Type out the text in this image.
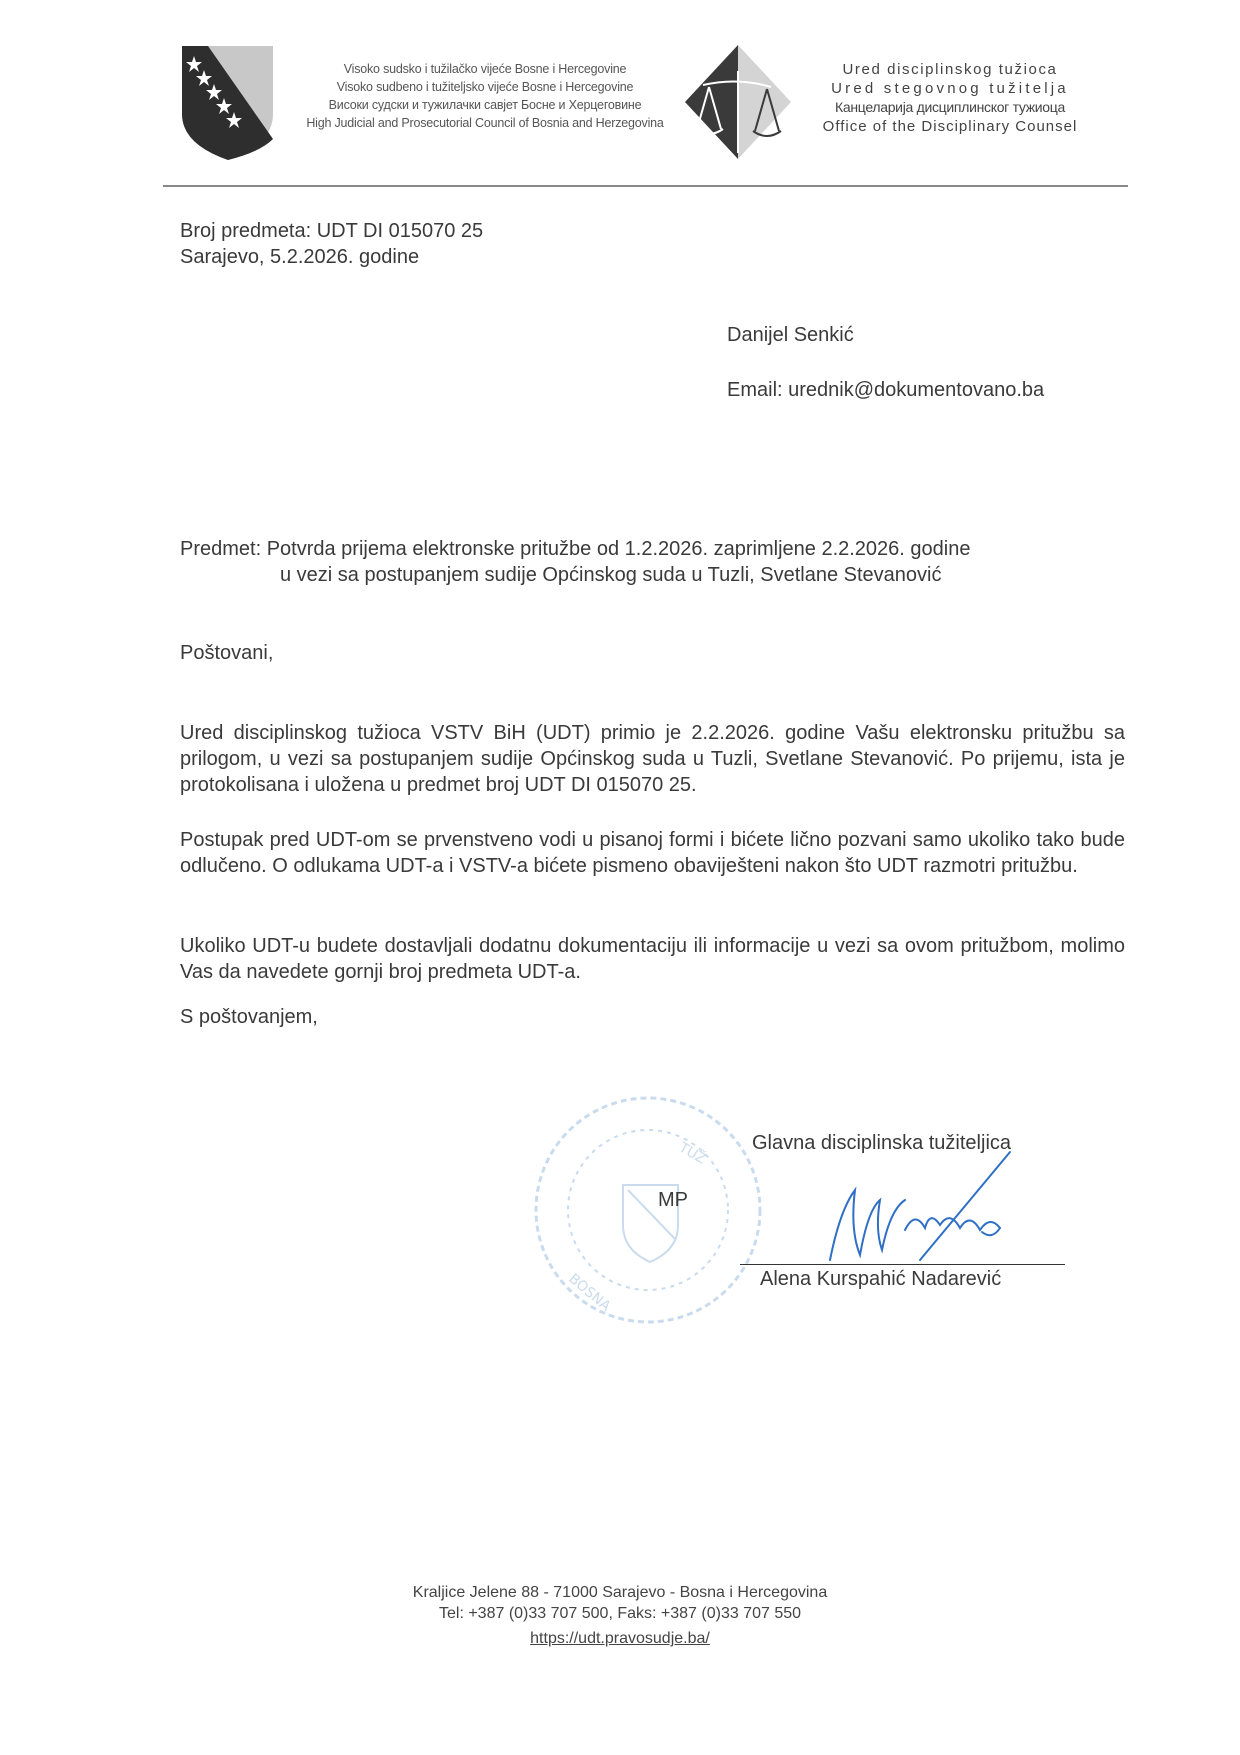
Visoko sudsko i tužilačko vijeće Bosne i Hercegovine
Visoko sudbeno i tužiteljsko vijeće Bosne i Hercegovine
Високи судски и тужилачки савјет Босне и Херцеговине
High Judicial and Prosecutorial Council of Bosnia and Herzegovina
Ured disciplinskog tužioca
Ured stegovnog tužitelja
Канцеларија дисциплинског тужиоца
Office of the Disciplinary Counsel
Broj predmeta: UDT DI 015070 25
Sarajevo, 5.2.2026. godine
Danijel Senkić
Email: urednik@dokumentovano.ba
Predmet: Potvrda prijema elektronske pritužbe od 1.2.2026. zaprimljene 2.2.2026. godine
u vezi sa postupanjem sudije Općinskog suda u Tuzli, Svetlane Stevanović
Poštovani,
Ured disciplinskog tužioca VSTV BiH (UDT) primio je 2.2.2026. godine Vašu elektronsku pritužbu sa prilogom, u vezi sa postupanjem sudije Općinskog suda u Tuzli, Svetlane Stevanović. Po prijemu, ista je protokolisana i uložena u predmet broj UDT DI 015070 25.
Postupak pred UDT-om se prvenstveno vodi u pisanoj formi i bićete lično pozvani samo ukoliko tako bude odlučeno. O odlukama UDT-a i VSTV-a bićete pismeno obaviješteni nakon što UDT razmotri pritužbu.
Ukoliko UDT-u budete dostavljali dodatnu dokumentaciju ili informacije u vezi sa ovom pritužbom, molimo Vas da navedete gornji broj predmeta UDT-a.
S poštovanjem,
BOSNA
TUŽ Glavna disciplinska tužiteljica
MP
Alena Kurspahić Nadarević
Kraljice Jelene 88 - 71000 Sarajevo - Bosna i Hercegovina
Tel: +387 (0)33 707 500, Faks: +387 (0)33 707 550
https://udt.pravosudje.ba/
